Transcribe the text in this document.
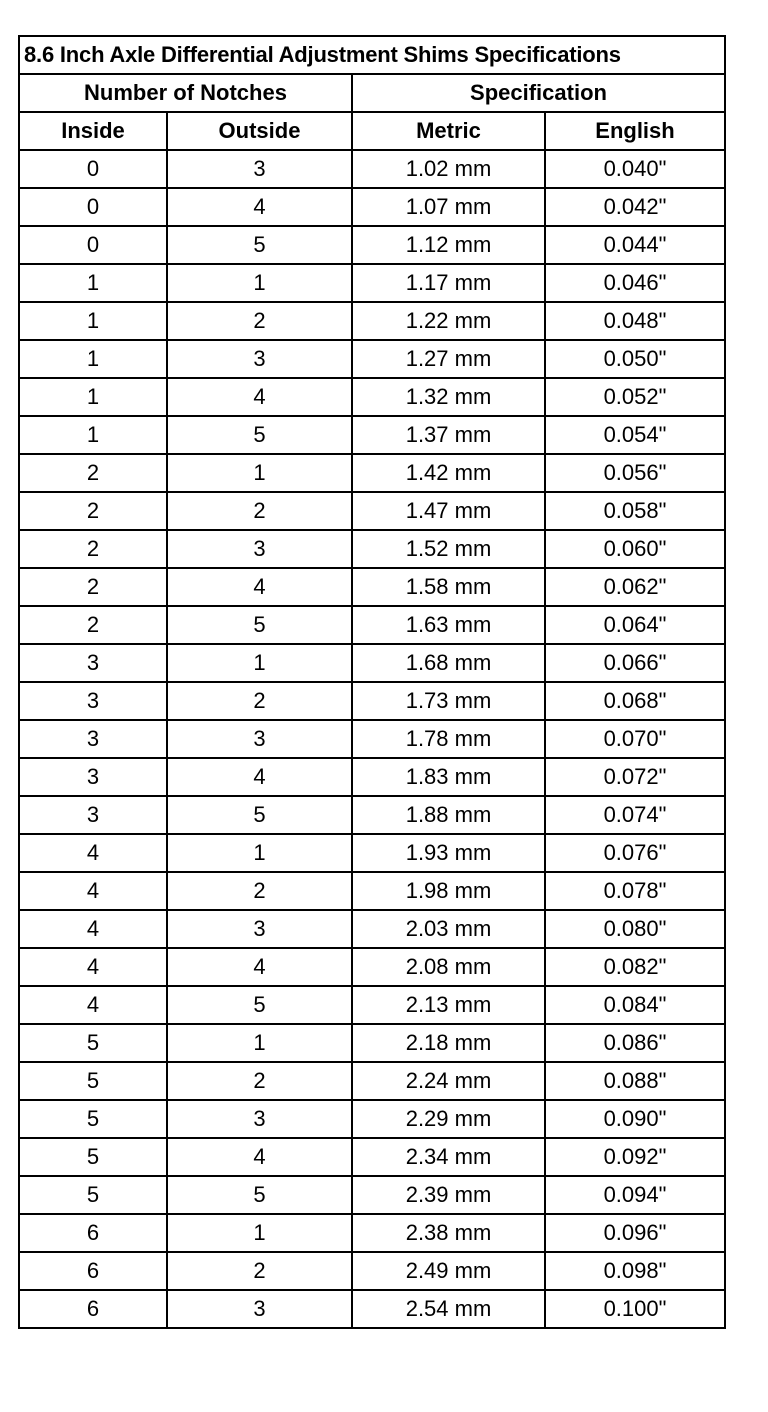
8.6 Inch Axle Differential Adjustment Shims Specifications			
Number of Notches		Specification	
Inside	Outside	Metric	English
0	3	1.02 mm	0.040"
0	4	1.07 mm	0.042"
0	5	1.12 mm	0.044"
1	1	1.17 mm	0.046"
1	2	1.22 mm	0.048"
1	3	1.27 mm	0.050"
1	4	1.32 mm	0.052"
1	5	1.37 mm	0.054"
2	1	1.42 mm	0.056"
2	2	1.47 mm	0.058"
2	3	1.52 mm	0.060"
2	4	1.58 mm	0.062"
2	5	1.63 mm	0.064"
3	1	1.68 mm	0.066"
3	2	1.73 mm	0.068"
3	3	1.78 mm	0.070"
3	4	1.83 mm	0.072"
3	5	1.88 mm	0.074"
4	1	1.93 mm	0.076"
4	2	1.98 mm	0.078"
4	3	2.03 mm	0.080"
4	4	2.08 mm	0.082"
4	5	2.13 mm	0.084"
5	1	2.18 mm	0.086"
5	2	2.24 mm	0.088"
5	3	2.29 mm	0.090"
5	4	2.34 mm	0.092"
5	5	2.39 mm	0.094"
6	1	2.38 mm	0.096"
6	2	2.49 mm	0.098"
6	3	2.54 mm	0.100"
